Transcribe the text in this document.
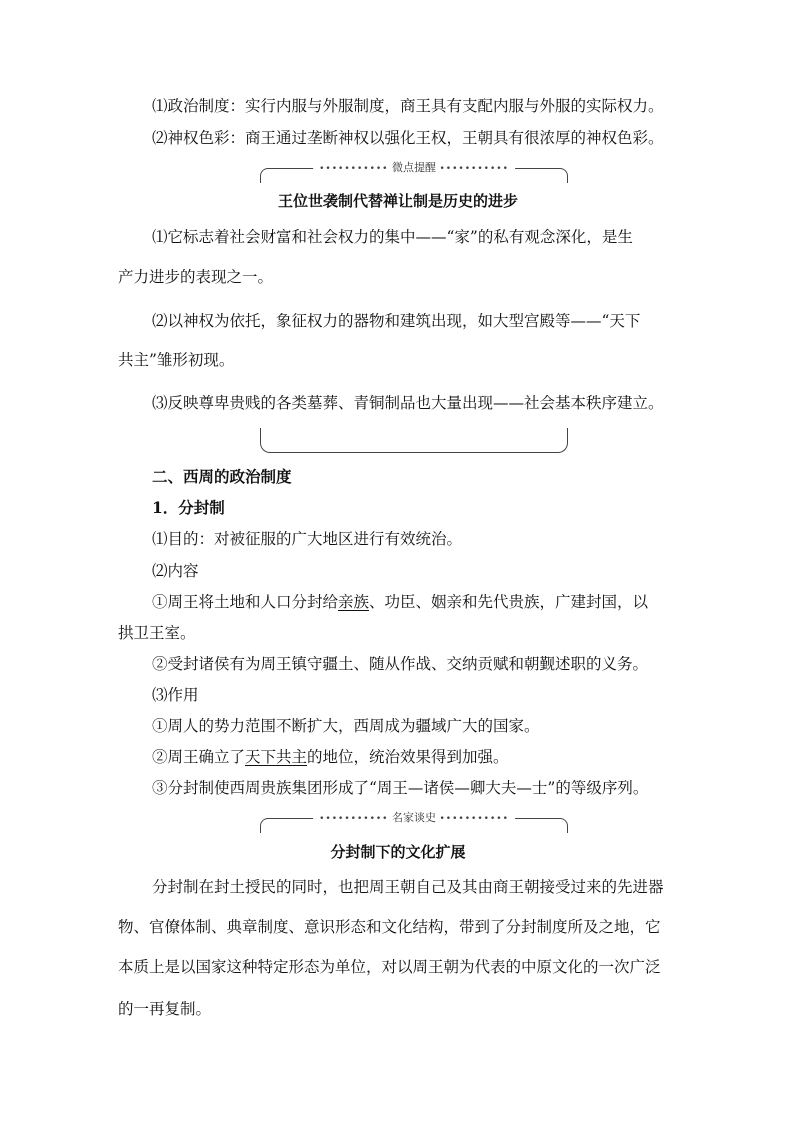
⑴政治制度：实行内服与外服制度，商王具有支配内服与外服的实际权力。
⑵神权色彩：商王通过垄断神权以强化王权，王朝具有很浓厚的神权色彩。
••••••••••• 微点提醒 •••••••••••
王位世袭制代替禅让制是历史的进步
⑴它标志着社会财富和社会权力的集中——“家”的私有观念深化，是生
产力进步的表现之一。
⑵以神权为依托，象征权力的器物和建筑出现，如大型宫殿等——“天下
共主”雏形初现。
⑶反映尊卑贵贱的各类墓葬、青铜制品也大量出现——社会基本秩序建立。
二、西周的政治制度
1．分封制
⑴目的：对被征服的广大地区进行有效统治。
⑵内容
①周王将土地和人口分封给亲族、功臣、姻亲和先代贵族，广建封国，以
拱卫王室。
②受封诸侯有为周王镇守疆土、随从作战、交纳贡赋和朝觐述职的义务。
⑶作用
①周人的势力范围不断扩大，西周成为疆域广大的国家。
②周王确立了天下共主的地位，统治效果得到加强。
③分封制使西周贵族集团形成了“周王—诸侯—卿大夫—士”的等级序列。
••••••••••• 名家谈史 •••••••••••
分封制下的文化扩展
分封制在封土授民的同时，也把周王朝自己及其由商王朝接受过来的先进器
物、官僚体制、典章制度、意识形态和文化结构，带到了分封制度所及之地，它
本质上是以国家这种特定形态为单位，对以周王朝为代表的中原文化的一次广泛
的一再复制。
